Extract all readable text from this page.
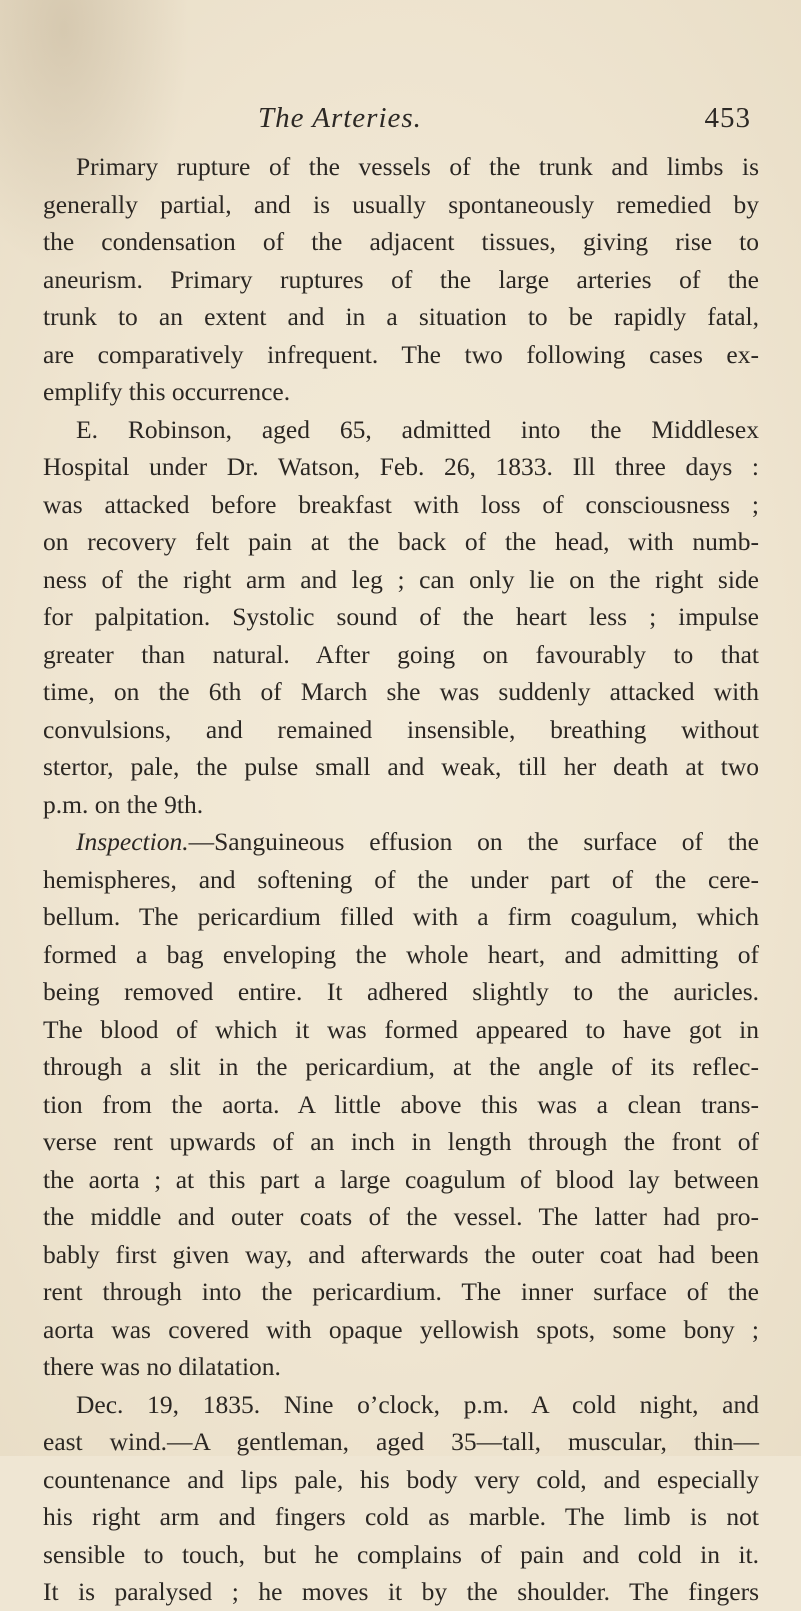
The Arteries.	453
Primary rupture of the vessels of the trunk and limbs is
generally partial, and is usually spontaneously remedied by
the condensation of the adjacent tissues, giving rise to
aneurism. Primary ruptures of the large arteries of the
trunk to an extent and in a situation to be rapidly fatal,
are comparatively infrequent. The two following cases ex-
emplify this occurrence.
E. Robinson, aged 65, admitted into the Middlesex
Hospital under Dr. Watson, Feb. 26, 1833. Ill three days :
was attacked before breakfast with loss of consciousness ;
on recovery felt pain at the back of the head, with numb-
ness of the right arm and leg ; can only lie on the right side
for palpitation. Systolic sound of the heart less ; impulse
greater than natural. After going on favourably to that
time, on the 6th of March she was suddenly attacked with
convulsions, and remained insensible, breathing without
stertor, pale, the pulse small and weak, till her death at two
p.m. on the 9th.
Inspection.—Sanguineous effusion on the surface of the
hemispheres, and softening of the under part of the cere-
bellum. The pericardium filled with a firm coagulum, which
formed a bag enveloping the whole heart, and admitting of
being removed entire. It adhered slightly to the auricles.
The blood of which it was formed appeared to have got in
through a slit in the pericardium, at the angle of its reflec-
tion from the aorta. A little above this was a clean trans-
verse rent upwards of an inch in length through the front of
the aorta ; at this part a large coagulum of blood lay between
the middle and outer coats of the vessel. The latter had pro-
bably first given way, and afterwards the outer coat had been
rent through into the pericardium. The inner surface of the
aorta was covered with opaque yellowish spots, some bony ;
there was no dilatation.
Dec. 19, 1835. Nine o’clock, p.m. A cold night, and
east wind.—A gentleman, aged 35—tall, muscular, thin—
countenance and lips pale, his body very cold, and especially
his right arm and fingers cold as marble. The limb is not
sensible to touch, but he complains of pain and cold in it.
It is paralysed ; he moves it by the shoulder. The fingers
